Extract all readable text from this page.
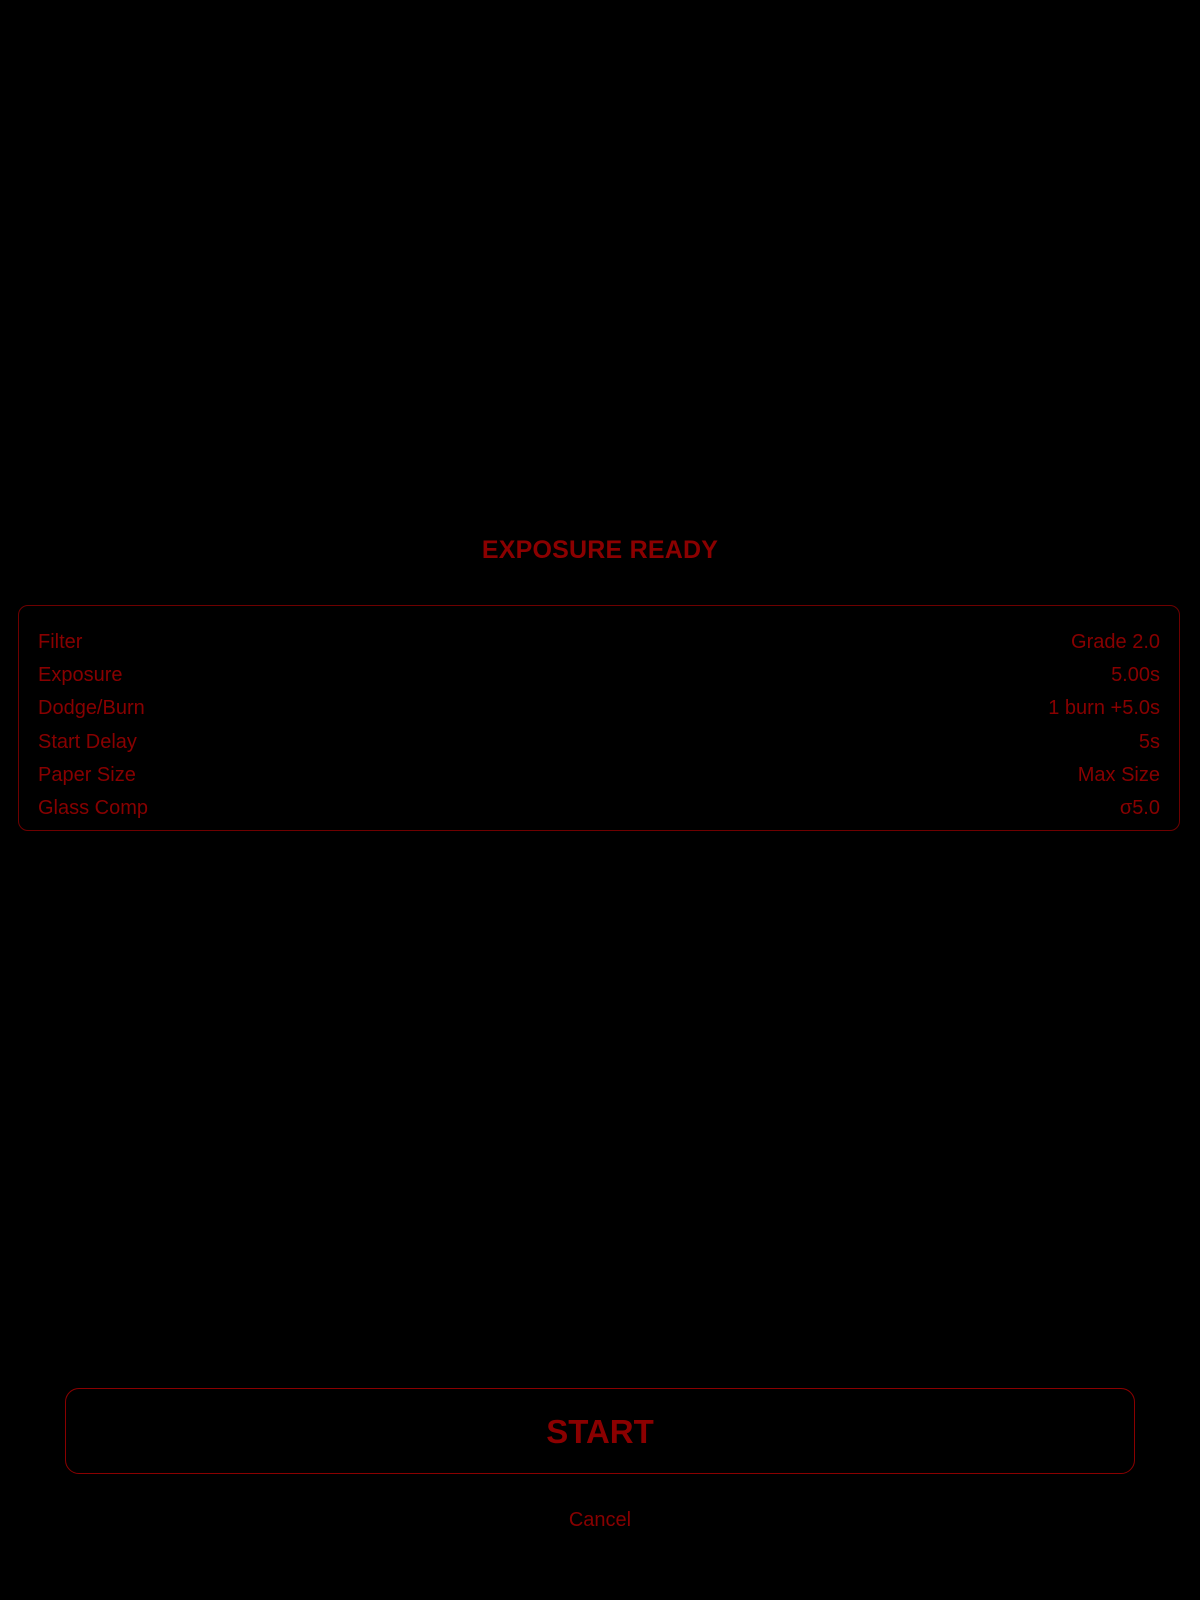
EXPOSURE READY
Filter	Grade 2.0
Exposure	5.00s
Dodge/Burn	1 burn +5.0s
Start Delay	5s
Paper Size	Max Size
Glass Comp	σ5.0
START
Cancel
